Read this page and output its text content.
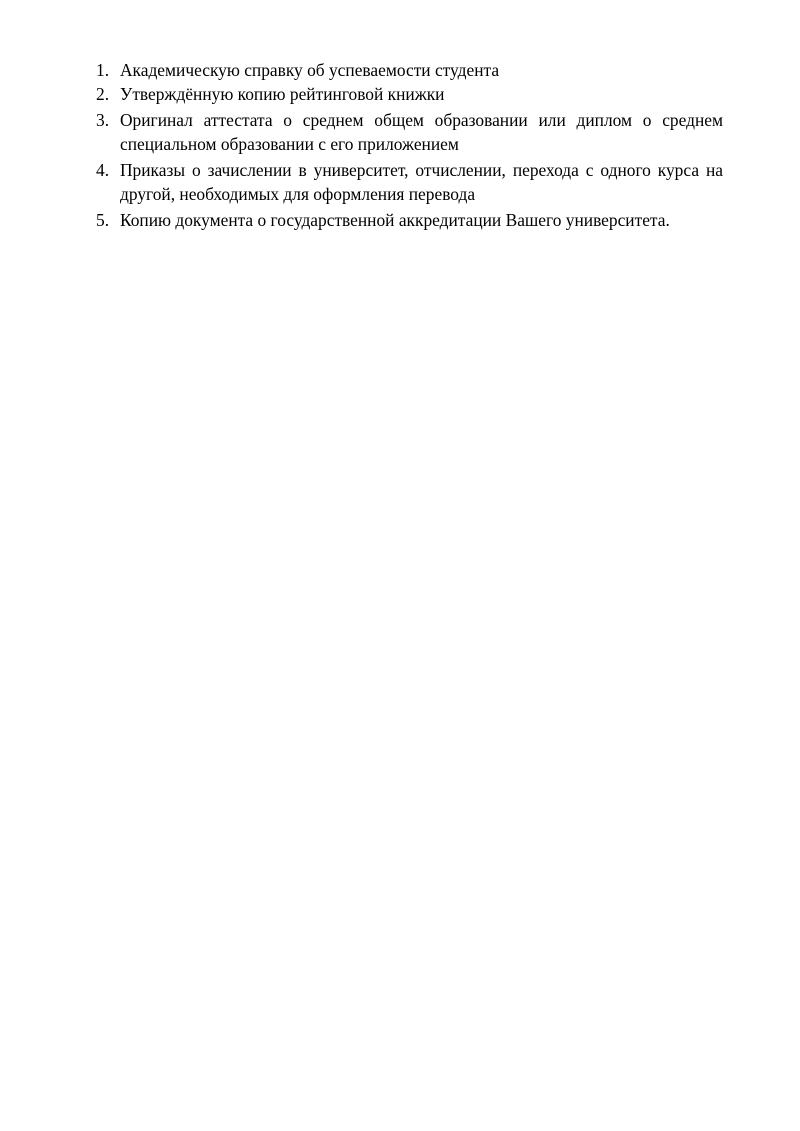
1. Академическую справку об успеваемости студента
2. Утверждённую копию рейтинговой книжки
3. Оригинал аттестата о среднем общем образовании или диплом о среднем специальном образовании с его приложением
4. Приказы о зачислении в университет, отчислении, перехода с одного курса на другой, необходимых для оформления перевода
5. Копию документа о государственной аккредитации Вашего университета.
